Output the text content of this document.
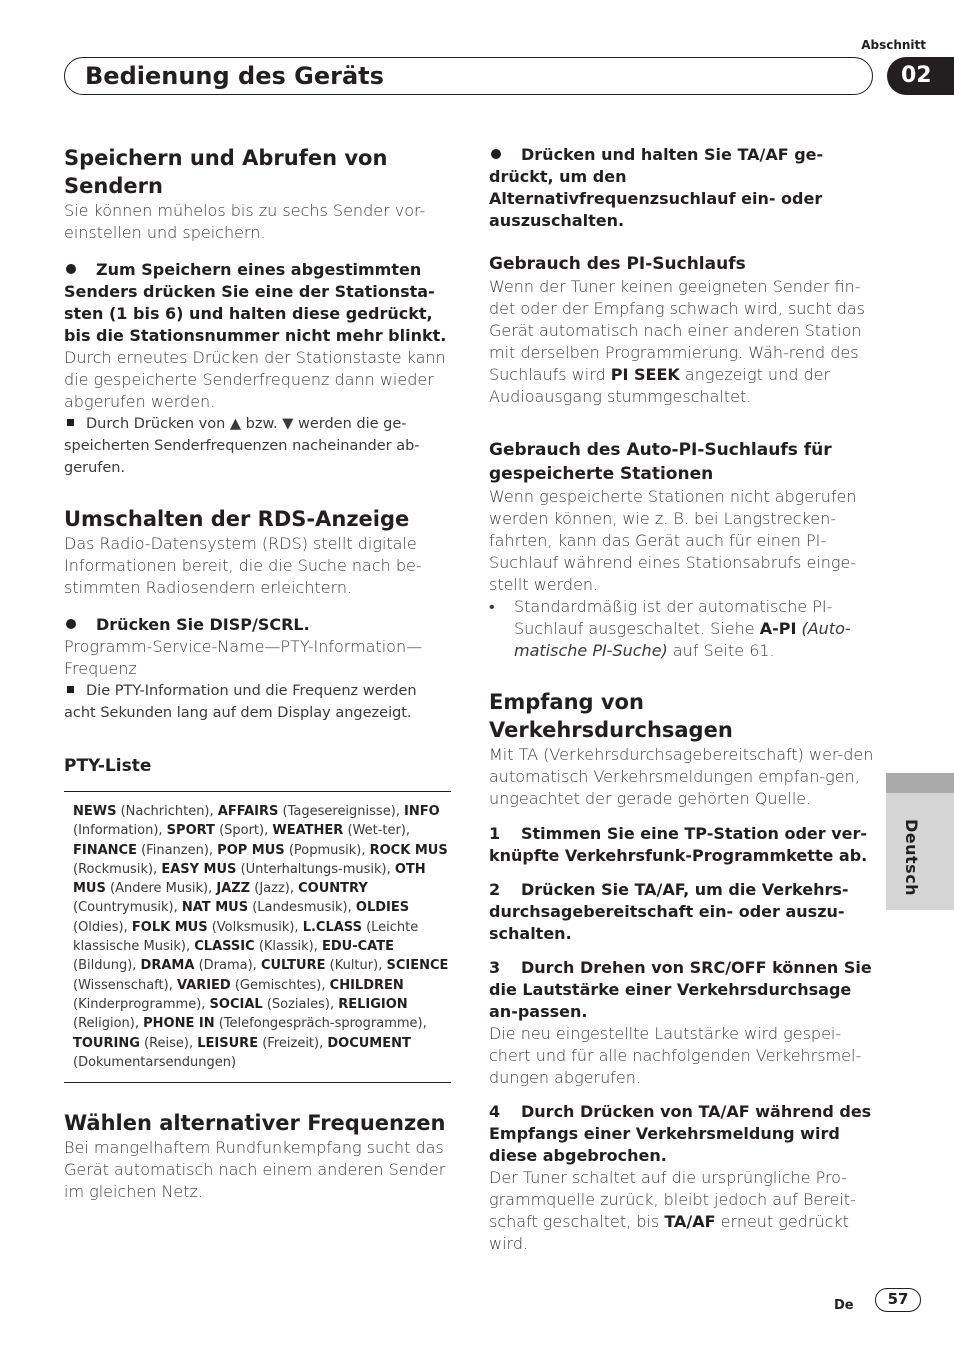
Abschnitt
Bedienung des Geräts	02
Speichern und Abrufen von Sendern

Sie können mühelos bis zu sechs Sender vor-einstellen und speichern.

Zum Speichern eines abgestimmten Senders drücken Sie eine der Stationsta-sten (1 bis 6) und halten diese gedrückt, bis die Stationsnummer nicht mehr blinkt.

Durch erneutes Drücken der Stationstaste kann die gespeicherte Senderfrequenz dann wieder abgerufen werden.

Durch Drücken von ▲ bzw. ▼ werden die ge-speicherten Senderfrequenzen nacheinander ab-gerufen.

Umschalten der RDS-Anzeige

Das Radio-Datensystem (RDS) stellt digitale Informationen bereit, die die Suche nach be-stimmten Radiosendern erleichtern.

Drücken Sie DISP/SCRL.

Programm-Service-Name—PTY-Information—Frequenz

Die PTY-Information und die Frequenz werden acht Sekunden lang auf dem Display angezeigt.

PTY-Liste
NEWS (Nachrichten), AFFAIRS (Tagesereignisse), INFO (Information), SPORT (Sport), WEATHER (Wet-ter), FINANCE (Finanzen), POP MUS (Popmusik), ROCK MUS (Rockmusik), EASY MUS (Unterhaltungs-musik), OTH MUS (Andere Musik), JAZZ (Jazz), COUNTRY (Countrymusik), NAT MUS (Landesmusik), OLDIES (Oldies), FOLK MUS (Volksmusik), L.CLASS (Leichte klassische Musik), CLASSIC (Klassik), EDU-CATE (Bildung), DRAMA (Drama), CULTURE (Kultur), SCIENCE (Wissenschaft), VARIED (Gemischtes), CHILDREN (Kinderprogramme), SOCIAL (Soziales), RELIGION (Religion), PHONE IN (Telefongespräch-sprogramme), TOURING (Reise), LEISURE (Freizeit), DOCUMENT (Dokumentarsendungen)
Wählen alternativer Frequenzen

Bei mangelhaftem Rundfunkempfang sucht das Gerät automatisch nach einem anderen Sender im gleichen Netz.

Drücken und halten Sie TA/AF ge-drückt, um den Alternativfrequenzsuchlauf ein- oder auszuschalten.

Gebrauch des PI-Suchlaufs

Wenn der Tuner keinen geeigneten Sender fin-det oder der Empfang schwach wird, sucht das Gerät automatisch nach einer anderen Station mit derselben Programmierung. Wäh-rend des Suchlaufs wird PI SEEK angezeigt und der Audioausgang stummgeschaltet.

Gebrauch des Auto-PI-Suchlaufs für gespeicherte Stationen

Wenn gespeicherte Stationen nicht abgerufen werden können, wie z. B. bei Langstrecken-fahrten, kann das Gerät auch für einen PI-Suchlauf während eines Stationsabrufs einge-stellt werden.

• Standardmäßig ist der automatische PI-Suchlauf ausgeschaltet. Siehe A-PI (Auto-matische PI-Suche) auf Seite 61.

Empfang von Verkehrsdurchsagen

Mit TA (Verkehrsdurchsagebereitschaft) wer-den automatisch Verkehrsmeldungen empfan-gen, ungeachtet der gerade gehörten Quelle.

1 Stimmen Sie eine TP-Station oder ver-knüpfte Verkehrsfunk-Programmkette ab.

2 Drücken Sie TA/AF, um die Verkehrs-durchsagebereitschaft ein- oder auszu-schalten.

3 Durch Drehen von SRC/OFF können Sie die Lautstärke einer Verkehrsdurchsage an-passen.

Die neu eingestellte Lautstärke wird gespei-chert und für alle nachfolgenden Verkehrsmel-dungen abgerufen.

4 Durch Drücken von TA/AF während des Empfangs einer Verkehrsmeldung wird diese abgebrochen.

Der Tuner schaltet auf die ursprüngliche Pro-grammquelle zurück, bleibt jedoch auf Bereit-schaft geschaltet, bis TA/AF erneut gedrückt wird.

Deutsch
De	57
